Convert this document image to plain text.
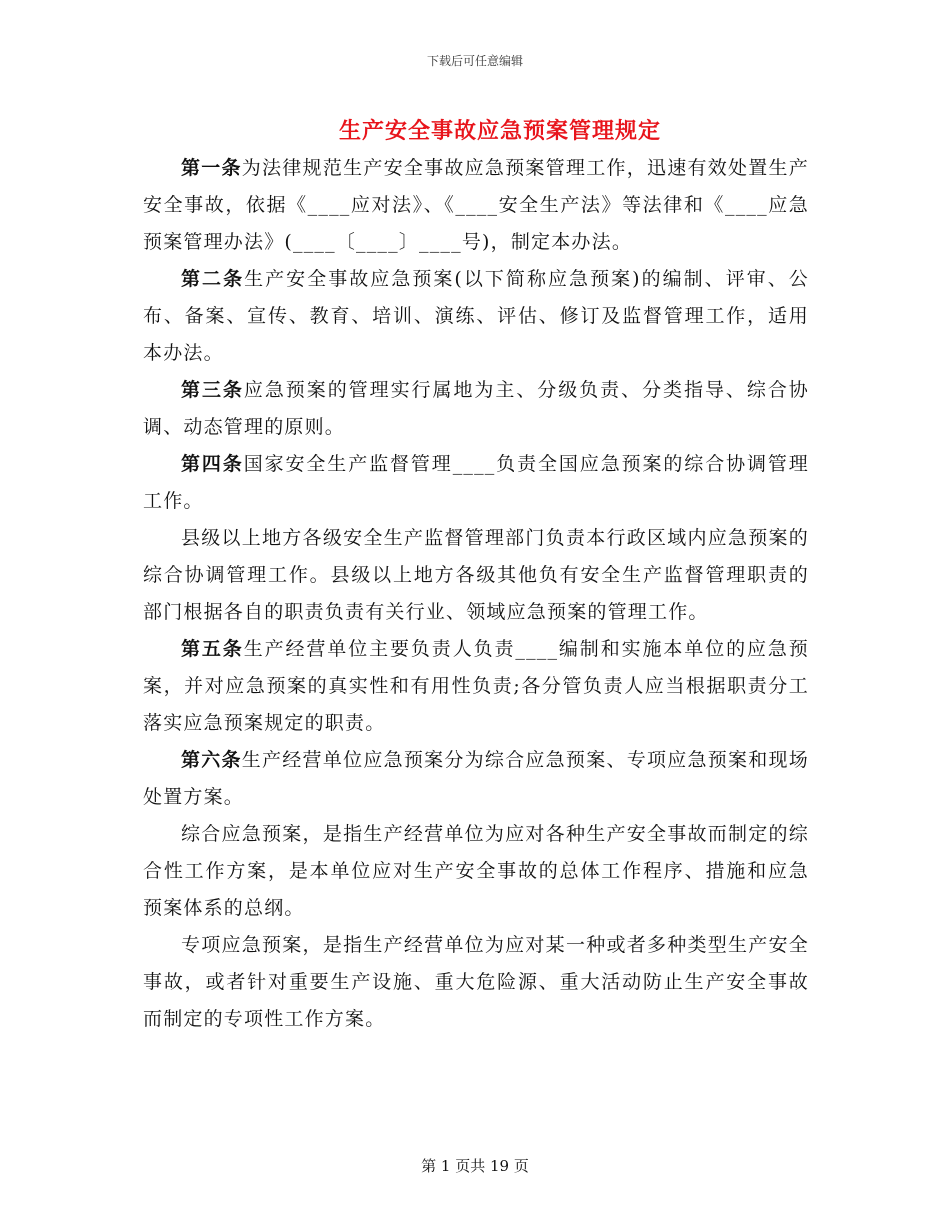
下载后可任意编辑
生产安全事故应急预案管理规定

第一条为法律规范生产安全事故应急预案管理工作，迅速有效处置生产安全事故，依据《____应对法》、《____安全生产法》等法律和《____应急预案管理办法》(____〔____〕____号)，制定本办法。

第二条生产安全事故应急预案(以下简称应急预案)的编制、评审、公布、备案、宣传、教育、培训、演练、评估、修订及监督管理工作，适用本办法。

第三条应急预案的管理实行属地为主、分级负责、分类指导、综合协调、动态管理的原则。

第四条国家安全生产监督管理____负责全国应急预案的综合协调管理工作。

县级以上地方各级安全生产监督管理部门负责本行政区域内应急预案的综合协调管理工作。县级以上地方各级其他负有安全生产监督管理职责的部门根据各自的职责负责有关行业、领域应急预案的管理工作。

第五条生产经营单位主要负责人负责____编制和实施本单位的应急预案，并对应急预案的真实性和有用性负责;各分管负责人应当根据职责分工落实应急预案规定的职责。

第六条生产经营单位应急预案分为综合应急预案、专项应急预案和现场处置方案。

综合应急预案，是指生产经营单位为应对各种生产安全事故而制定的综合性工作方案，是本单位应对生产安全事故的总体工作程序、措施和应急预案体系的总纲。

专项应急预案，是指生产经营单位为应对某一种或者多种类型生产安全事故，或者针对重要生产设施、重大危险源、重大活动防止生产安全事故而制定的专项性工作方案。

第 1 页共 19 页
